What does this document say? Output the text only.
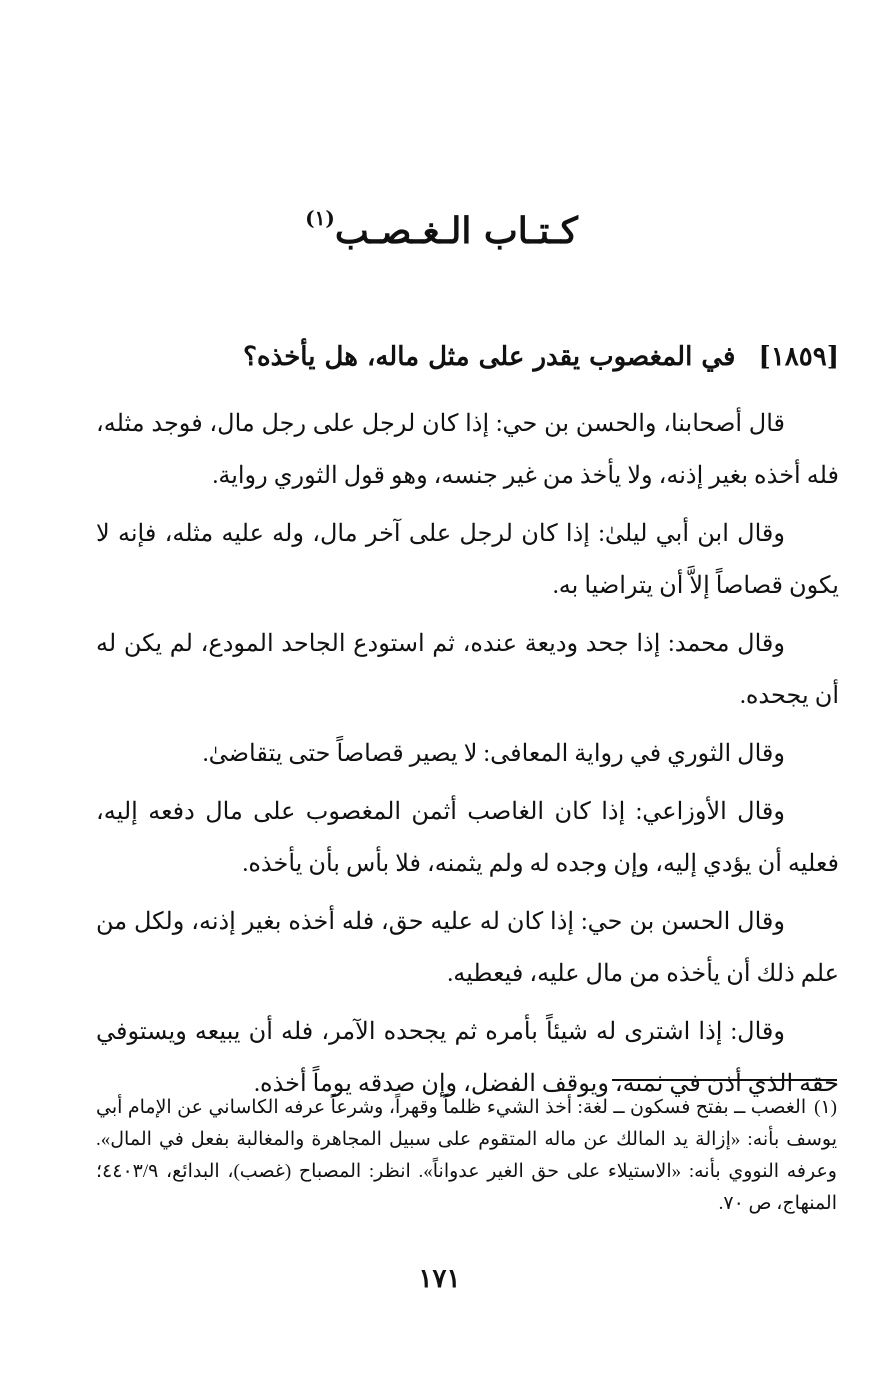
كـتـاب الـغـصـب$^{(١)}$
[١٨٥٩] في المغصوب يقدر على مثل ماله، هل يأخذه؟

قال أصحابنا، والحسن بن حي: إذا كان لرجل على رجل مال، فوجد مثله، فله أخذه بغير إذنه، ولا يأخذ من غير جنسه، وهو قول الثوري رواية.

وقال ابن أبي ليلىٰ: إذا كان لرجل على آخر مال، وله عليه مثله، فإنه لا يكون قصاصاً إلاَّ أن يتراضيا به.

وقال محمد: إذا جحد وديعة عنده، ثم استودع الجاحد المودع، لم يكن له أن يجحده.

وقال الثوري في رواية المعافى: لا يصير قصاصاً حتى يتقاضىٰ.

وقال الأوزاعي: إذا كان الغاصب أثمن المغصوب على مال دفعه إليه، فعليه أن يؤدي إليه، وإن وجده له ولم يثمنه، فلا بأس بأن يأخذه.

وقال الحسن بن حي: إذا كان له عليه حق، فله أخذه بغير إذنه، ولكل من علم ذلك أن يأخذه من مال عليه، فيعطيه.

وقال: إذا اشترى له شيئاً بأمره ثم يجحده الآمر، فله أن يبيعه ويستوفي حقه الذي أذن في ثمنه، ويوقف الفضل، وإن صدقه يوماً أخذه.

(١)الغصب ــ بفتح فسكون ــ لغة: أخذ الشيء ظلماً وقهراً، وشرعاً عرفه الكاساني عن الإمام أبي يوسف بأنه: «إزالة يد المالك عن ماله المتقوم على سبيل المجاهرة والمغالبة بفعل في المال». وعرفه النووي بأنه: «الاستيلاء على حق الغير عدواناً». انظر: المصباح (غصب)، البدائع، ٤٤٠٣/٩؛ المنهاج، ص ٧٠.
١٧١
